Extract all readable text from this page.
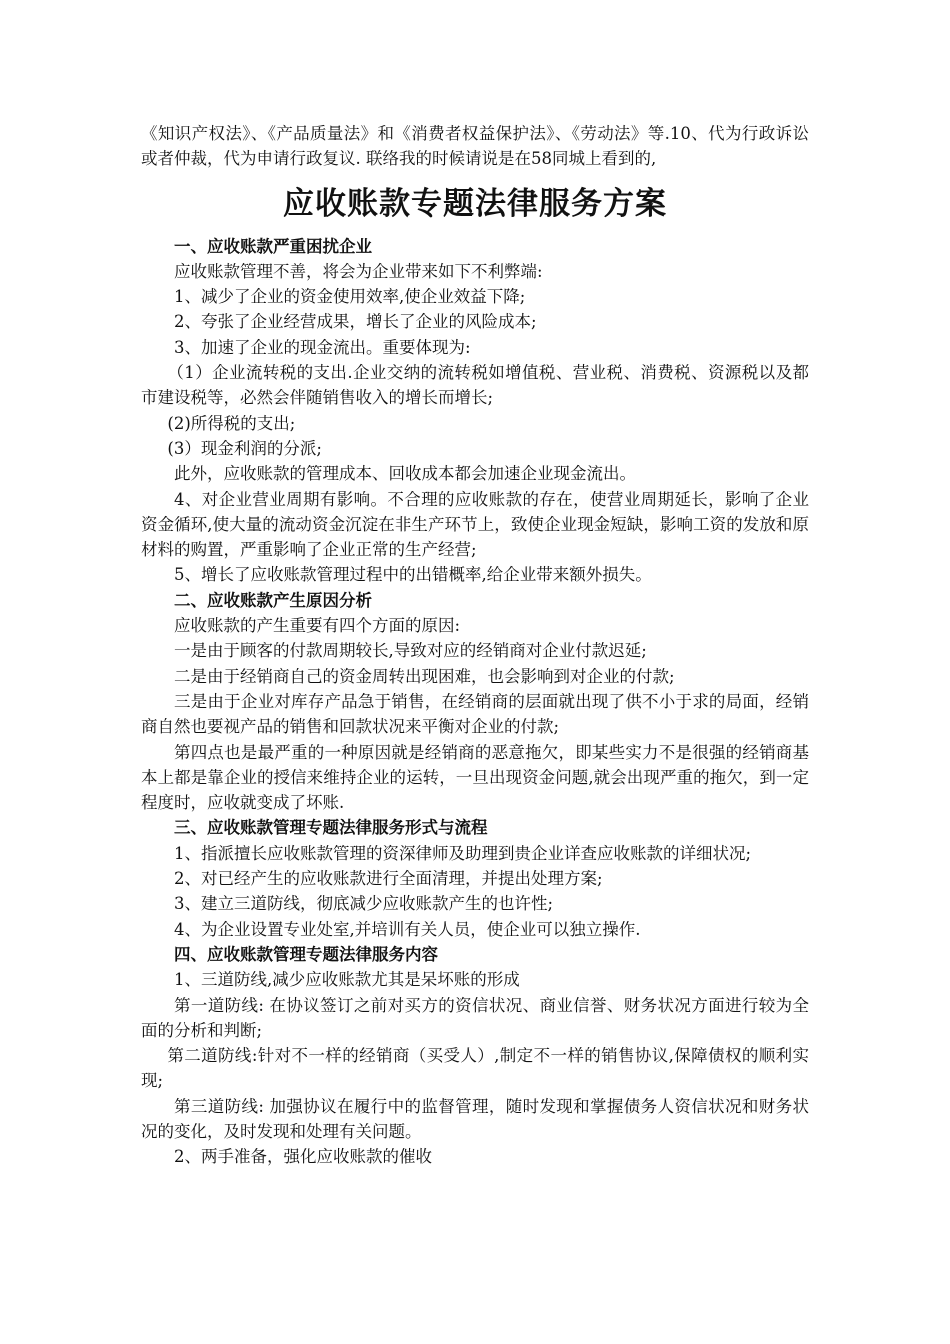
《知识产权法》、《产品质量法》和《消费者权益保护法》、《劳动法》等.10、代为行政诉讼或者仲裁，代为申请行政复议. 联络我的时候请说是在58同城上看到的,

应收账款专题法律服务方案

一、应收账款严重困扰企业

应收账款管理不善，将会为企业带来如下不利弊端:

1、减少了企业的资金使用效率,使企业效益下降;

2、夸张了企业经营成果，增长了企业的风险成本;

3、加速了企业的现金流出。重要体现为:

（1）企业流转税的支出.企业交纳的流转税如增值税、营业税、消费税、资源税以及都市建设税等，必然会伴随销售收入的增长而增长;

(2)所得税的支出;

(3）现金利润的分派;

此外，应收账款的管理成本、回收成本都会加速企业现金流出。

4、对企业营业周期有影响。不合理的应收账款的存在，使营业周期延长，影响了企业资金循环,使大量的流动资金沉淀在非生产环节上，致使企业现金短缺，影响工资的发放和原材料的购置，严重影响了企业正常的生产经营;

5、增长了应收账款管理过程中的出错概率,给企业带来额外损失。

二、应收账款产生原因分析

应收账款的产生重要有四个方面的原因:

一是由于顾客的付款周期较长,导致对应的经销商对企业付款迟延;

二是由于经销商自己的资金周转出现困难，也会影响到对企业的付款;

三是由于企业对库存产品急于销售，在经销商的层面就出现了供不小于求的局面，经销商自然也要视产品的销售和回款状况来平衡对企业的付款;

第四点也是最严重的一种原因就是经销商的恶意拖欠，即某些实力不是很强的经销商基本上都是靠企业的授信来维持企业的运转，一旦出现资金问题,就会出现严重的拖欠，到一定程度时，应收就变成了坏账.

三、应收账款管理专题法律服务形式与流程

1、指派擅长应收账款管理的资深律师及助理到贵企业详查应收账款的详细状况;

2、对已经产生的应收账款进行全面清理，并提出处理方案;

3、建立三道防线，彻底减少应收账款产生的也许性;

4、为企业设置专业处室,并培训有关人员，使企业可以独立操作.

四、应收账款管理专题法律服务内容

1、三道防线,减少应收账款尤其是呆坏账的形成

第一道防线: 在协议签订之前对买方的资信状况、商业信誉、财务状况方面进行较为全面的分析和判断;

第二道防线:针对不一样的经销商（买受人）,制定不一样的销售协议,保障债权的顺利实现;

第三道防线: 加强协议在履行中的监督管理，随时发现和掌握债务人资信状况和财务状况的变化，及时发现和处理有关问题。

2、两手准备，强化应收账款的催收
